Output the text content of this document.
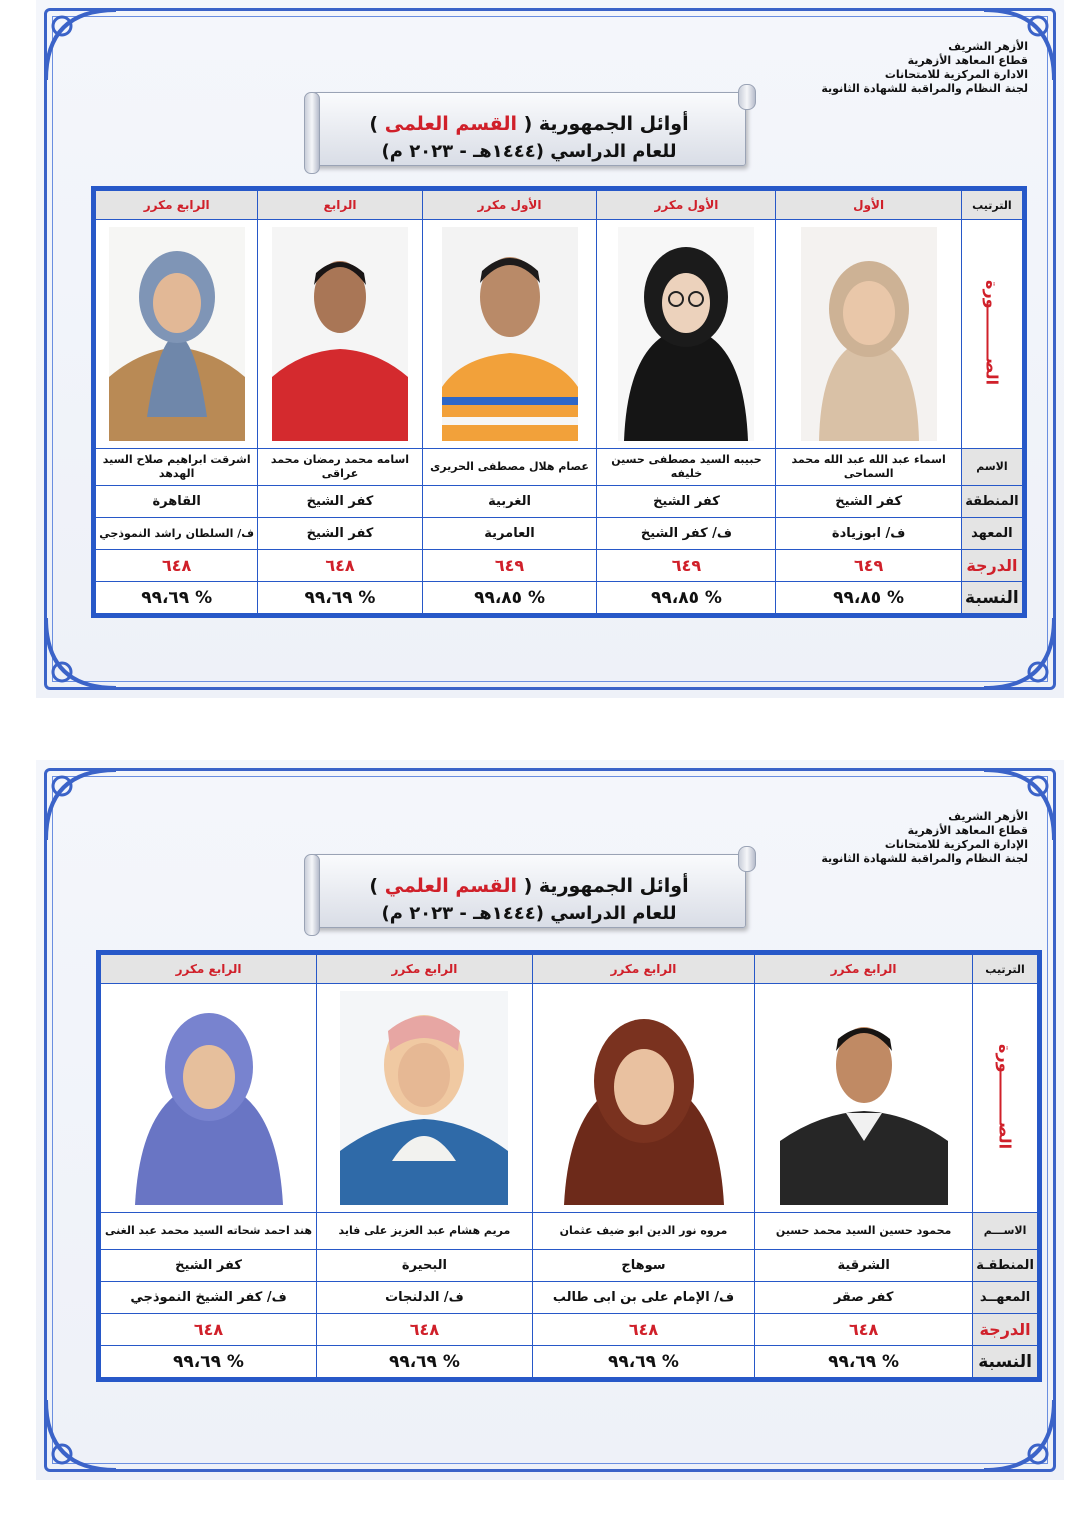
الأزهر الشريف
قطاع المعاهد الأزهرية
الادارة المركزية للامتحانات
لجنة النظام والمراقبة للشهادة الثانوية
أوائل الجمهورية ( القسم العلمى )
للعام الدراسي (١٤٤٤هـ - ٢٠٢٣ م)
الترتيب	الأول	الأول مكرر	الأول مكرر	الرابع	الرابع مكرر
الصـــــــــورة	

الاسم	اسماء عبد الله عبد الله محمد السماحى	حبيبه السيد مصطفى حسين خليفه	عصام هلال مصطفى الحريرى	اسامه محمد رمضان محمد عراقى	اشرقت ابراهيم صلاح السيد الهدهد
المنطقة	كفر الشيخ	كفر الشيخ	الغربية	كفر الشيخ	القاهرة
المعهد	ف/ ابوزيادة	ف/ كفر الشيخ	العامرية	كفر الشيخ	ف/ السلطان راشد النموذجي
الدرجة	٦٤٩	٦٤٩	٦٤٩	٦٤٨	٦٤٨
النسبة	% ٩٩،٨٥	% ٩٩،٨٥	% ٩٩،٨٥	% ٩٩،٦٩	% ٩٩،٦٩
الأزهر الشريف
قطاع المعاهد الأزهرية
الإدارة المركزية للامتحانات
لجنة النظام والمراقبة للشهادة الثانوية
أوائل الجمهورية ( القسم العلمي )
للعام الدراسي (١٤٤٤هـ - ٢٠٢٣ م)
الترتيب	الرابع مكرر	الرابع مكرر	الرابع مكرر	الرابع مكرر
الصـــــــــورة	

الاســـم	محمود حسين السيد محمد حسين	مروه نور الدين ابو ضيف عثمان	مريم هشام عبد العزيز على فايد	هند احمد شحاته السيد محمد عبد الغنى
المنطقـة	الشرقية	سوهاج	البحيرة	كفر الشيخ
المعهــد	كفر صقر	ف/ الإمام على بن ابى طالب	ف/ الدلنجات	ف/ كفر الشيخ النموذجي
الدرجة	٦٤٨	٦٤٨	٦٤٨	٦٤٨
النسبة	% ٩٩،٦٩	% ٩٩،٦٩	% ٩٩،٦٩	% ٩٩،٦٩
